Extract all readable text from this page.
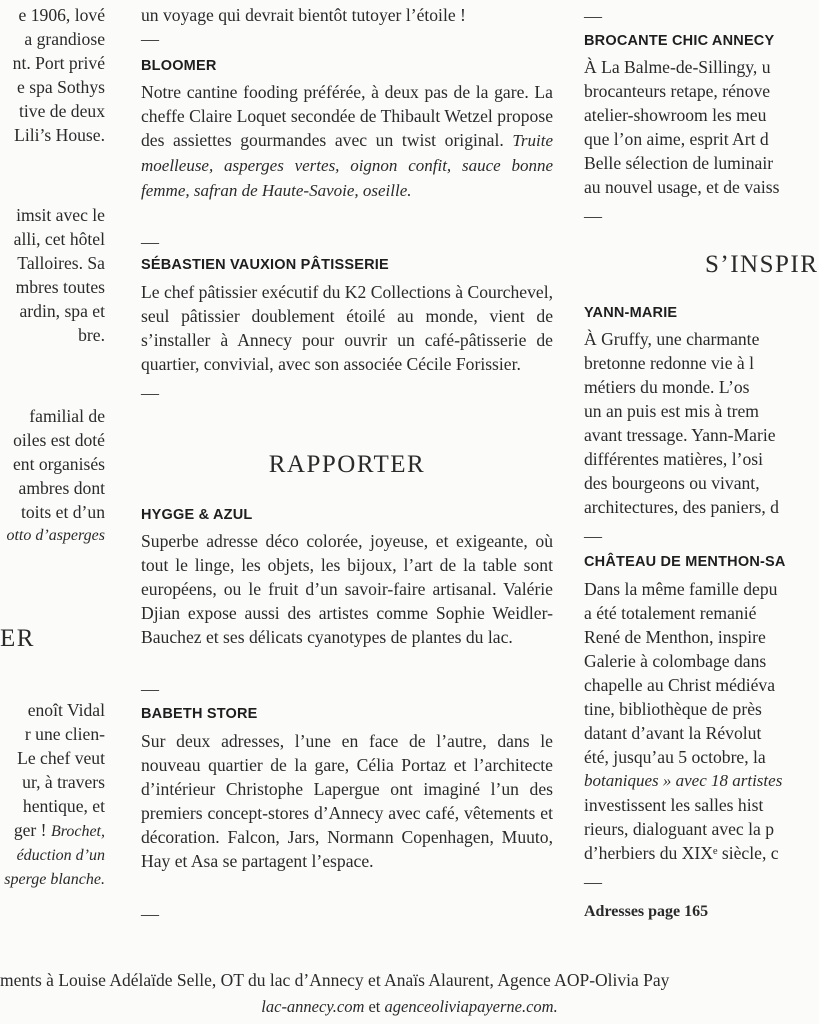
e 1906, lové

a grandiose

nt. Port privé

e spa Sothys

tive de deux

Lili’s House.

imsit avec le

alli, cet hôtel

Talloires. Sa

mbres toutes

ardin, spa et

bre.

familial de

oiles est doté

ent organisés

ambres dont

toits et d’un

otto d’asperges

ER

enoît Vidal

r une clien-

Le chef veut

ur, à travers

hentique, et

ger ! Brochet,

éduction d’un

sperge blanche.

un voyage qui devrait bientôt tutoyer l’étoile !

—
BLOOMER

Notre cantine fooding préférée, à deux pas de la gare. La cheffe Claire Loquet secondée de Thibault Wetzel propose des assiettes gourmandes avec un twist original. Truite moelleuse, asperges vertes, oignon confit, sauce bonne femme, safran de Haute-Savoie, oseille.

—
SÉBASTIEN VAUXION PÂTISSERIE

Le chef pâtissier exécutif du K2 Collections à Courchevel, seul pâtissier doublement étoilé au monde, vient de s’installer à Annecy pour ouvrir un café-pâtisserie de quartier, convivial, avec son associée Cécile Forissier.

—
RAPPORTER
HYGGE & AZUL

Superbe adresse déco colorée, joyeuse, et exigeante, où tout le linge, les objets, les bijoux, l’art de la table sont européens, ou le fruit d’un savoir-faire artisanal. Valérie Djian expose aussi des artistes comme Sophie Weidler-Bauchez et ses délicats cyanotypes de plantes du lac.

—
BABETH STORE

Sur deux adresses, l’une en face de l’autre, dans le nouveau quartier de la gare, Célia Portaz et l’architecte d’intérieur Christophe Lapergue ont imaginé l’un des premiers concept-stores d’Annecy avec café, vêtements et décoration. Falcon, Jars, Normann Copenhagen, Muuto, Hay et Asa se partagent l’espace.

—
—
BROCANTE CHIC ANNECY

À La Balme-de-Sillingy, u

brocanteurs retape, rénove

atelier-showroom les meu

que l’on aime, esprit Art d

Belle sélection de luminair

au nouvel usage, et de vaiss

—
S’INSPIR
YANN-MARIE

À Gruffy, une charmante

bretonne redonne vie à l

métiers du monde. L’os

un an puis est mis à trem

avant tressage. Yann-Marie

différentes matières, l’osi

des bourgeons ou vivant,

architectures, des paniers, d

—
CHÂTEAU DE MENTHON-SA

Dans la même famille depu

a été totalement remanié

René de Menthon, inspire

Galerie à colombage dans

chapelle au Christ médiéva

tine, bibliothèque de près

datant d’avant la Révolut

été, jusqu’au 5 octobre, la

botaniques » avec 18 artistes

investissent les salles hist

rieurs, dialoguant avec la p

d’herbiers du XIXᵉ siècle, c

—
Adresses page 165
ments à Louise Adélaïde Selle, OT du lac d’Annecy et Anaïs Alaurent, Agence AOP-Olivia Pay
lac-annecy.com et agenceoliviapayerne.com.
